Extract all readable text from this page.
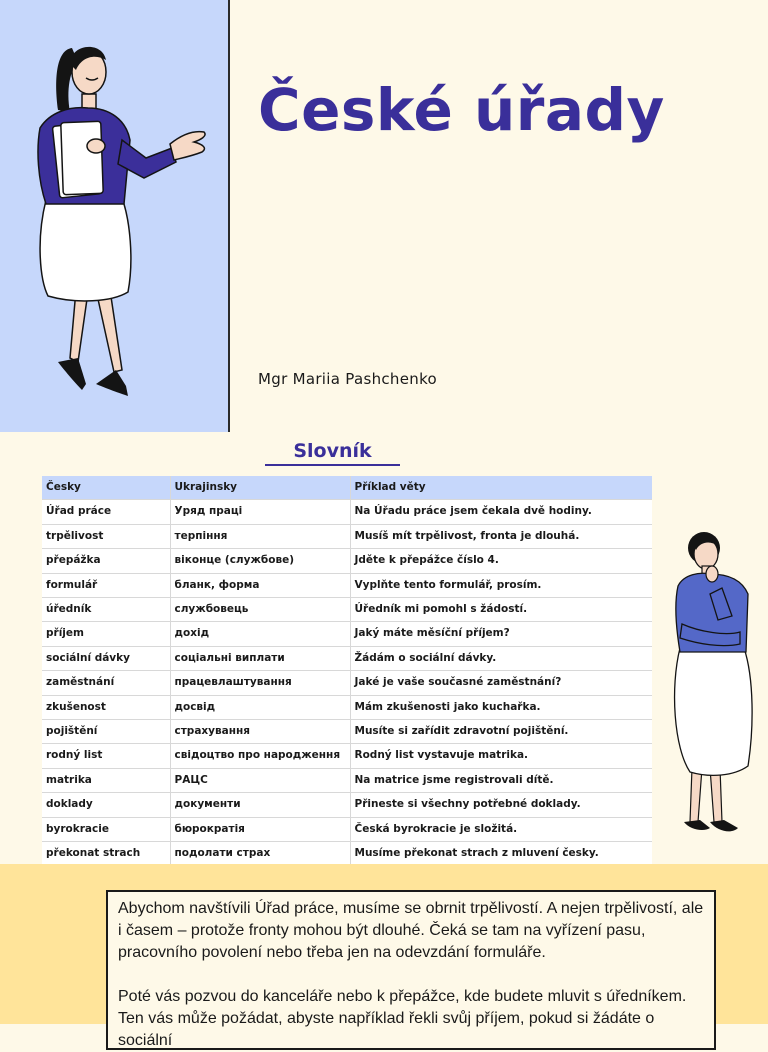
České úřady
Mgr Mariia Pashchenko
Slovník
Česky	Ukrajinsky	Příklad věty
Úřad práce	Уряд праці	Na Úřadu práce jsem čekala dvě hodiny.
trpělivost	терпіння	Musíš mít trpělivost, fronta je dlouhá.
přepážka	віконце (службове)	Jděte k přepážce číslo 4.
formulář	бланк, форма	Vyplňte tento formulář, prosím.
úředník	службовець	Úředník mi pomohl s žádostí.
příjem	дохід	Jaký máte měsíční příjem?
sociální dávky	соціальні виплати	Žádám o sociální dávky.
zaměstnání	працевлаштування	Jaké je vaše současné zaměstnání?
zkušenost	досвід	Mám zkušenosti jako kuchařka.
pojištění	страхування	Musíte si zařídit zdravotní pojištění.
rodný list	свідоцтво про народження	Rodný list vystavuje matrika.
matrika	РАЦС	Na matrice jsme registrovali dítě.
doklady	документи	Přineste si všechny potřebné doklady.
byrokracie	бюрократія	Česká byrokracie je složitá.
překonat strach	подолати страх	Musíme překonat strach z mluvení česky.

Abychom navštívili Úřad práce, musíme se obrnit trpělivostí. A nejen trpělivostí, ale i časem – protože fronty mohou být dlouhé. Čeká se tam na vyřízení pasu, pracovního povolení nebo třeba jen na odevzdání formuláře.

Poté vás pozvou do kanceláře nebo k přepážce, kde budete mluvit s úředníkem. Ten vás může požádat, abyste například řekli svůj příjem, pokud si žádáte o sociální
